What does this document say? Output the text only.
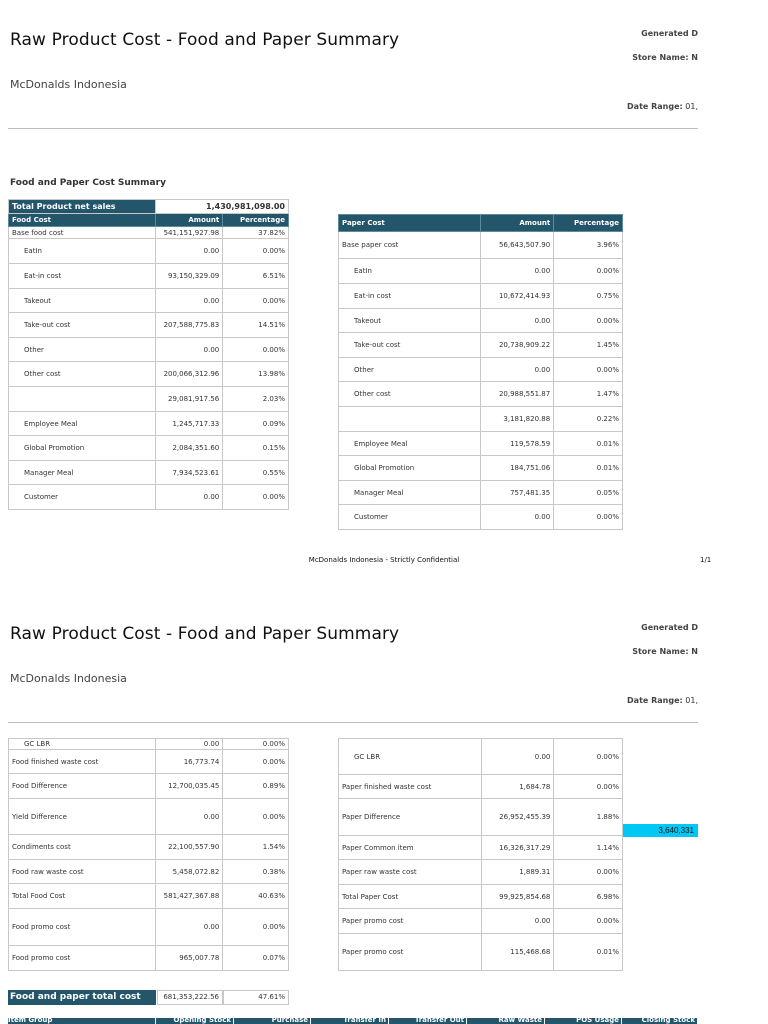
Raw Product Cost - Food and Paper Summary
McDonalds Indonesia
Generated D
Store Name: N
Date Range: 01,
Food and Paper Cost Summary
Total Product net sales	1,430,981,098.00	
Food Cost	Amount	Percentage
Base food cost	541,151,927.98	37.82%
EatIn	0.00	0.00%
Eat-in cost	93,150,329.09	6.51%
Takeout	0.00	0.00%
Take-out cost	207,588,775.83	14.51%
Other	0.00	0.00%
Other cost	200,066,312.96	13.98%
	29,081,917.56	2.03%
Employee Meal	1,245,717.33	0.09%
Global Promotion	2,084,351.60	0.15%
Manager Meal	7,934,523.61	0.55%
Customer	0.00	0.00%
Paper Cost	Amount	Percentage
Base paper cost	56,643,507.90	3.96%
EatIn	0.00	0.00%
Eat-in cost	10,672,414.93	0.75%
Takeout	0.00	0.00%
Take-out cost	20,738,909.22	1.45%
Other	0.00	0.00%
Other cost	20,988,551.87	1.47%
	3,181,820.88	0.22%
Employee Meal	119,578.59	0.01%
Global Promotion	184,751.06	0.01%
Manager Meal	757,481.35	0.05%
Customer	0.00	0.00%
McDonalds Indonesia - Strictly Confidential	1/1
Raw Product Cost - Food and Paper Summary
McDonalds Indonesia
Generated D
Store Name: N
Date Range: 01,
GC LBR	0.00	0.00%
Food finished waste cost	16,773.74	0.00%
Food Difference	12,700,035.45	0.89%
Yield Difference	0.00	0.00%
Condiments cost	22,100,557.90	1.54%
Food raw waste cost	5,458,072.82	0.38%
Total Food Cost	581,427,367.88	40.63%
Food promo cost	0.00	0.00%
Food promo cost	965,007.78	0.07%
GC LBR	0.00	0.00%
Paper finished waste cost	1,684.78	0.00%
Paper Difference	26,952,455.39	1.88%
Paper Common item	16,326,317.29	1.14%
Paper raw waste cost	1,889.31	0.00%
Total Paper Cost	99,925,854.68	6.98%
Paper promo cost	0.00	0.00%
Paper promo cost	115,468.68	0.01%
3,640,331
Food and paper total cost	681,353,222.56	47.61%
Item Group	Opening Stock	Purchase	Transfer In	Transfer Out	Raw Waste	POS Usage	Closing Stock
